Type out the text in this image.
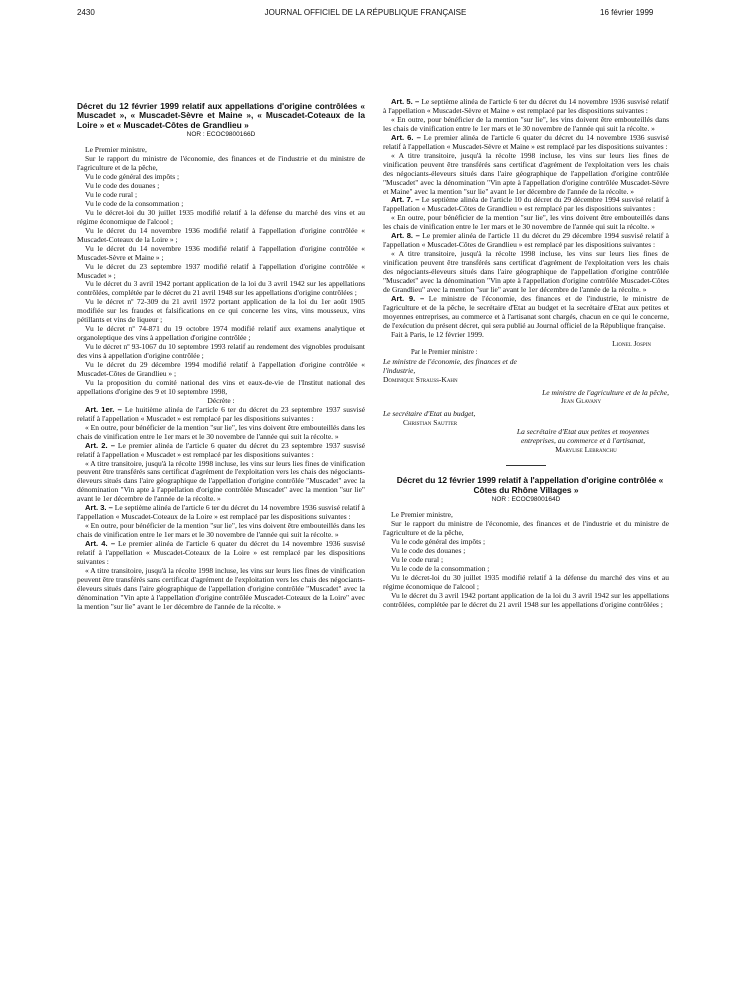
2430	JOURNAL OFFICIEL DE LA RÉPUBLIQUE FRANÇAISE	16 février 1999

Décret du 12 février 1999 relatif aux appellations d'origine contrôlées « Muscadet », « Muscadet-Sèvre et Maine », « Muscadet-Coteaux de la Loire » et « Muscadet-Côtes de Grandlieu »

NOR : ECOC9800166D

Le Premier ministre,

Sur le rapport du ministre de l'économie, des finances et de l'industrie et du ministre de l'agriculture et de la pêche,

Vu le code général des impôts ;

Vu le code des douanes ;

Vu le code rural ;

Vu le code de la consommation ;

Vu le décret-loi du 30 juillet 1935 modifié relatif à la défense du marché des vins et au régime économique de l'alcool ;

Vu le décret du 14 novembre 1936 modifié relatif à l'appellation d'origine contrôlée « Muscadet-Coteaux de la Loire » ;

Vu le décret du 14 novembre 1936 modifié relatif à l'appellation d'origine contrôlée « Muscadet-Sèvre et Maine » ;

Vu le décret du 23 septembre 1937 modifié relatif à l'appellation d'origine contrôlée « Muscadet » ;

Vu le décret du 3 avril 1942 portant application de la loi du 3 avril 1942 sur les appellations contrôlées, complétée par le décret du 21 avril 1948 sur les appellations d'origine contrôlées ;

Vu le décret nº 72-309 du 21 avril 1972 portant application de la loi du 1er août 1905 modifiée sur les fraudes et falsifications en ce qui concerne les vins, vins mousseux, vins pétillants et vins de liqueur ;

Vu le décret nº 74-871 du 19 octobre 1974 modifié relatif aux examens analytique et organoleptique des vins à appellation d'origine contrôlée ;

Vu le décret nº 93-1067 du 10 septembre 1993 relatif au rendement des vignobles produisant des vins à appellation d'origine contrôlée ;

Vu le décret du 29 décembre 1994 modifié relatif à l'appellation d'origine contrôlée « Muscadet-Côtes de Grandlieu » ;

Vu la proposition du comité national des vins et eaux-de-vie de l'Institut national des appellations d'origine des 9 et 10 septembre 1998,

Décrète :

Art. 1er. – Le huitième alinéa de l'article 6 ter du décret du 23 septembre 1937 susvisé relatif à l'appellation « Muscadet » est remplacé par les dispositions suivantes :

« En outre, pour bénéficier de la mention "sur lie", les vins doivent être embouteillés dans les chais de vinification entre le 1er mars et le 30 novembre de l'année qui suit la récolte. »

Art. 2. – Le premier alinéa de l'article 6 quater du décret du 23 septembre 1937 susvisé relatif à l'appellation « Muscadet » est remplacé par les dispositions suivantes :

« A titre transitoire, jusqu'à la récolte 1998 incluse, les vins sur leurs lies fines de vinification peuvent être transférés sans certificat d'agrément de l'exploitation vers les chais des négociants-éleveurs situés dans l'aire géographique de l'appellation d'origine contrôlée "Muscadet" avec la dénomination "Vin apte à l'appellation d'origine contrôlée Muscadet" avec la mention "sur lie" avant le 1er décembre de l'année de la récolte. »

Art. 3. – Le septième alinéa de l'article 6 ter du décret du 14 novembre 1936 susvisé relatif à l'appellation « Muscadet-Coteaux de la Loire » est remplacé par les dispositions suivantes :

« En outre, pour bénéficier de la mention "sur lie", les vins doivent être embouteillés dans les chais de vinification entre le 1er mars et le 30 novembre de l'année qui suit la récolte. »

Art. 4. – Le premier alinéa de l'article 6 quater du décret du 14 novembre 1936 susvisé relatif à l'appellation « Muscadet-Coteaux de la Loire » est remplacé par les dispositions suivantes :

« A titre transitoire, jusqu'à la récolte 1998 incluse, les vins sur leurs lies fines de vinification peuvent être transférés sans certificat d'agrément de l'exploitation vers les chais des négociants-éleveurs situés dans l'aire géographique de l'appellation d'origine contrôlée "Muscadet" avec la dénomination "Vin apte à l'appellation d'origine contrôlée Muscadet-Coteaux de la Loire" avec la mention "sur lie" avant le 1er décembre de l'année de la récolte. »

Art. 5. – Le septième alinéa de l'article 6 ter du décret du 14 novembre 1936 susvisé relatif à l'appellation « Muscadet-Sèvre et Maine » est remplacé par les dispositions suivantes :

« En outre, pour bénéficier de la mention "sur lie", les vins doivent être embouteillés dans les chais de vinification entre le 1er mars et le 30 novembre de l'année qui suit la récolte. »

Art. 6. – Le premier alinéa de l'article 6 quater du décret du 14 novembre 1936 susvisé relatif à l'appellation « Muscadet-Sèvre et Maine » est remplacé par les dispositions suivantes :

« A titre transitoire, jusqu'à la récolte 1998 incluse, les vins sur leurs lies fines de vinification peuvent être transférés sans certificat d'agrément de l'exploitation vers les chais des négociants-éleveurs situés dans l'aire géographique de l'appellation d'origine contrôlée "Muscadet" avec la dénomination "Vin apte à l'appellation d'origine contrôlée Muscadet-Sèvre et Maine" avec la mention "sur lie" avant le 1er décembre de l'année de la récolte. »

Art. 7. – Le septième alinéa de l'article 10 du décret du 29 décembre 1994 susvisé relatif à l'appellation « Muscadet-Côtes de Grandlieu » est remplacé par les dispositions suivantes :

« En outre, pour bénéficier de la mention "sur lie", les vins doivent être embouteillés dans les chais de vinification entre le 1er mars et le 30 novembre de l'année qui suit la récolte. »

Art. 8. – Le premier alinéa de l'article 11 du décret du 29 décembre 1994 susvisé relatif à l'appellation « Muscadet-Côtes de Grandlieu » est remplacé par les dispositions suivantes :

« A titre transitoire, jusqu'à la récolte 1998 incluse, les vins sur leurs lies fines de vinification peuvent être transférés sans certificat d'agrément de l'exploitation vers les chais des négociants-éleveurs situés dans l'aire géographique de l'appellation d'origine contrôlée "Muscadet" avec la dénomination "Vin apte à l'appellation d'origine contrôlée Muscadet-Côtes de Grandlieu" avec la mention "sur lie" avant le 1er décembre de l'année de la récolte. »

Art. 9. – Le ministre de l'économie, des finances et de l'industrie, le ministre de l'agriculture et de la pêche, le secrétaire d'Etat au budget et la secrétaire d'Etat aux petites et moyennes entreprises, au commerce et à l'artisanat sont chargés, chacun en ce qui le concerne, de l'exécution du présent décret, qui sera publié au Journal officiel de la République française.

Fait à Paris, le 12 février 1999.

Lionel Jospin

Par le Premier ministre :

Le ministre de l'économie, des finances et de l'industrie,

Dominique Strauss-Kahn

Le ministre de l'agriculture et de la pêche,

Jean Glavany

Le secrétaire d'Etat au budget,

Christian Sautter

La secrétaire d'Etat aux petites et moyennes entreprises, au commerce et à l'artisanat,

Marylise Lebranchu

Décret du 12 février 1999 relatif à l'appellation d'origine contrôlée « Côtes du Rhône Villages »

NOR : ECOC9800164D

Le Premier ministre,

Sur le rapport du ministre de l'économie, des finances et de l'industrie et du ministre de l'agriculture et de la pêche,

Vu le code général des impôts ;

Vu le code des douanes ;

Vu le code rural ;

Vu le code de la consommation ;

Vu le décret-loi du 30 juillet 1935 modifié relatif à la défense du marché des vins et au régime économique de l'alcool ;

Vu le décret du 3 avril 1942 portant application de la loi du 3 avril 1942 sur les appellations contrôlées, complétée par le décret du 21 avril 1948 sur les appellations d'origine contrôlées ;
